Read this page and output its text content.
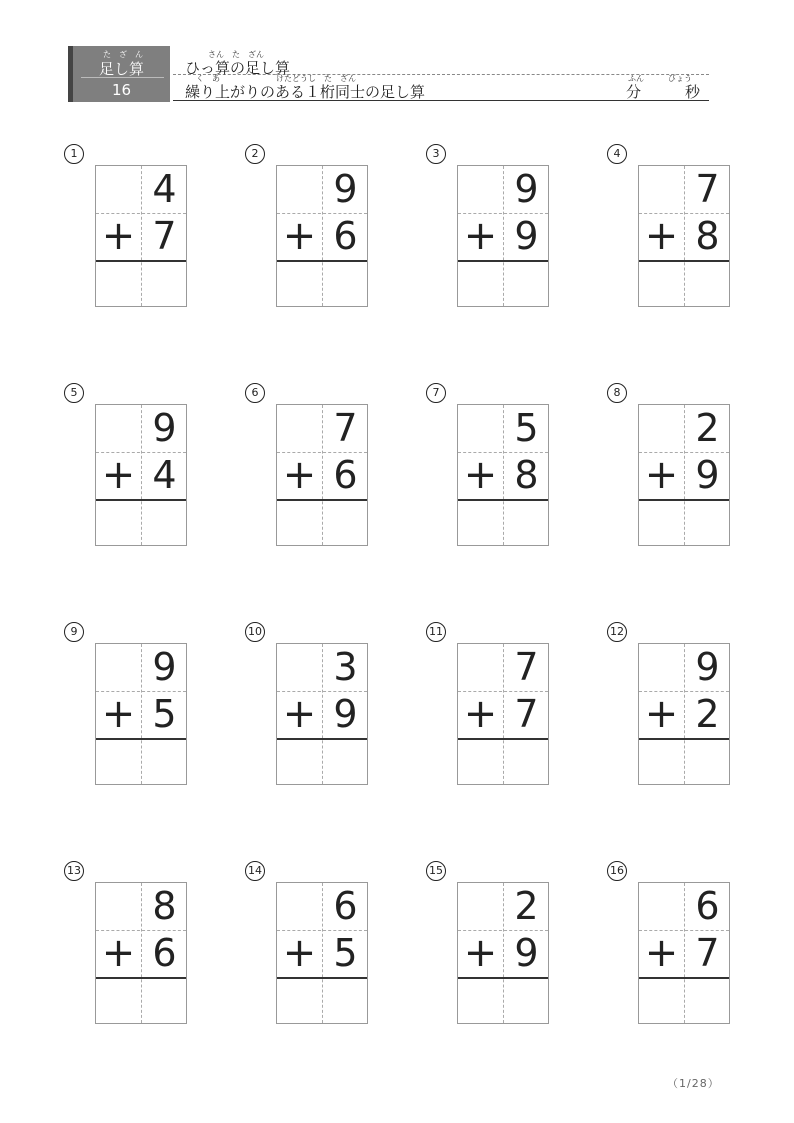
たざん
足し算
16
さん　た　ざん
ひっ算の足し算
く　あ　　　　　　　けたどうし　た　ざん
繰り上がりのある１桁同士の足し算
ふん　　　びょう
分	秒
1
4
+ 7
2
9
+ 6
3
9
+ 9
4
7
+ 8
5
9
+ 4
6
7
+ 6
7
5
+ 8
8
2
+ 9
9
9
+ 5
10
3
+ 9
11
7
+ 7
12
9
+ 2
13
8
+ 6
14
6
+ 5
15
2
+ 9
16
6
+ 7
（1/28）
